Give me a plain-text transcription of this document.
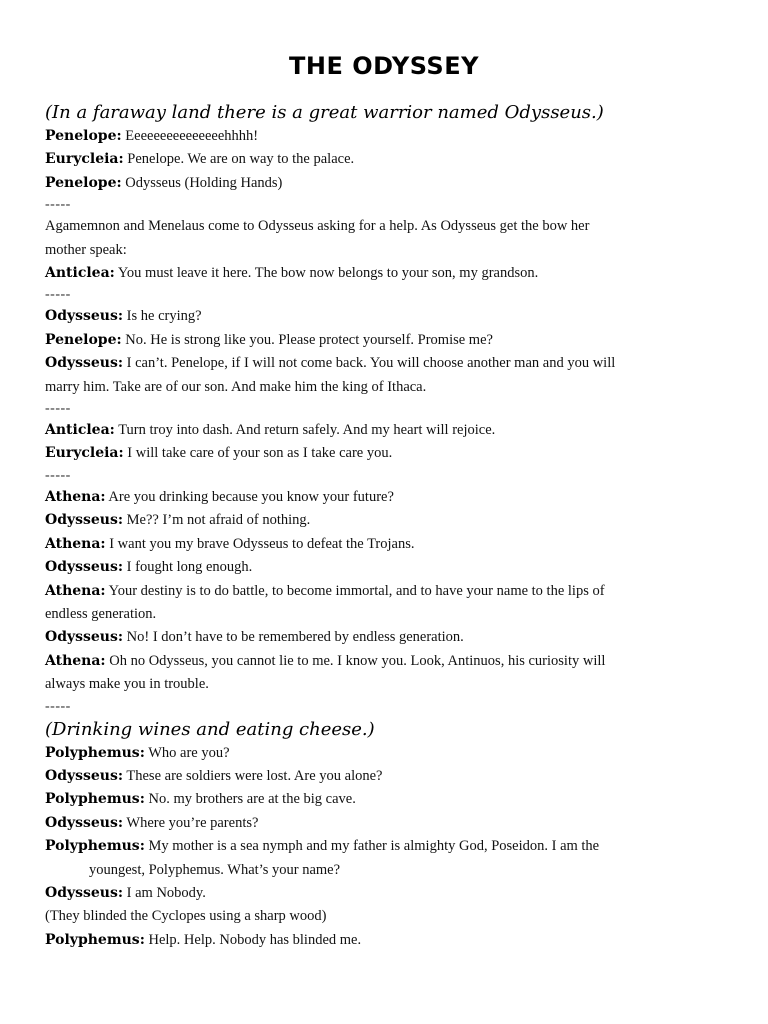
THE ODYSSEY
(In a faraway land there is a great warrior named Odysseus.)
Penelope: Eeeeeeeeeeeeeeehhhh!
Eurycleia: Penelope. We are on way to the palace.
Penelope: Odysseus (Holding Hands)
-----
Agamemnon and Menelaus come to Odysseus asking for a help. As Odysseus get the bow her
mother speak:
Anticlea: You must leave it here. The bow now belongs to your son, my grandson.
-----
Odysseus: Is he crying?
Penelope: No. He is strong like you. Please protect yourself. Promise me?
Odysseus: I can’t. Penelope, if I will not come back. You will choose another man and you will
marry him. Take are of our son. And make him the king of Ithaca.
-----
Anticlea: Turn troy into dash. And return safely. And my heart will rejoice.
Eurycleia: I will take care of your son as I take care you.
-----
Athena: Are you drinking because you know your future?
Odysseus: Me?? I’m not afraid of nothing.
Athena: I want you my brave Odysseus to defeat the Trojans.
Odysseus: I fought long enough.
Athena: Your destiny is to do battle, to become immortal, and to have your name to the lips of
endless generation.
Odysseus: No! I don’t have to be remembered by endless generation.
Athena: Oh no Odysseus, you cannot lie to me. I know you. Look, Antinuos, his curiosity will
always make you in trouble.
-----
(Drinking wines and eating cheese.)
Polyphemus: Who are you?
Odysseus: These are soldiers were lost. Are you alone?
Polyphemus: No. my brothers are at the big cave.
Odysseus: Where you’re parents?
Polyphemus: My mother is a sea nymph and my father is almighty God, Poseidon. I am the
youngest, Polyphemus. What’s your name?
Odysseus: I am Nobody.
(They blinded the Cyclopes using a sharp wood)
Polyphemus: Help. Help. Nobody has blinded me.
